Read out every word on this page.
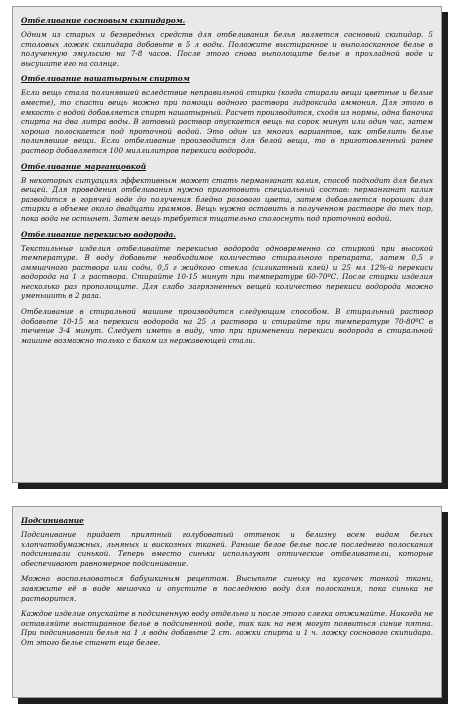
Отбеливание сосновым скипидаром.

Одним из старых и безвредных средств для отбеливания белья является сосновый скипидар. 5 столовых ложек скипидара добавьте в 5 л воды. Положите выстиранное и выполосканное белье в полученную эмульсию на 7-8 часов. После этого снова выполощите белье в прохладной воде и высушите его на солнце.

Отбеливание нашатырным спиртом

Если вещь стала полинявшей вследствие неправильной стирки (когда стирали вещи цветные и белые вместе), то спасти вещь можно при помощи водного раствора гидроксида аммония. Для этого в емкость с водой добавляется спирт нашатырный. Расчет производится, сходя из нормы, одна баночка спирта на два литра воды. В готовый раствор опускается вещь на сорок минут или один час, затем хорошо полоскается под проточной водой. Это один из многих вариантов, как отбелить белье полинявшие вещи. Если отбеливание производится для белой вещи, то в приготовленный ранее раствор добавляется 100 миллилитров перекиси водорода.

Отбеливание марганцовкой

В некоторых ситуациях эффективным может стать перманганат калия, способ подходит для белых вещей. Для проведения отбеливания нужно приготовить специальный состав: перманганат калия разводится в горячей воде до получения бледно розового цвета, затем добавляется порошок для стирки в объеме около двадцати граммов. Вещь нужно оставить в полученном растворе до тех пор, пока вода не остынет. Затем вещь требуется тщательно сполоснуть под проточной водой.

Отбеливание перекисью водорода.

Текстильные изделия отбеливайте перекисью водорода одновременно со стиркой при высокой температуре. В воду добавьте необходимое количество стирального препарата, затем 0,5 г аммиачного раствора или соды, 0,5 г жидкого стекла (силикатный клей) и 25 мл 12%-й перекиси водорода на 1 л раствора. Стирайте 10-15 минут при температуре 60-70ºС. После стирки изделия несколько раз прополощите. Для слабо загрязненных вещей количество перекиси водорода можно уменьшить в 2 раза.

Отбеливание в стиральной машине производится следующим способом. В стиральный раствор добавьте 10-15 мл перекиси водорода на 25 л раствора и стирайте при температуре 70-80ºС в течение 3-4 минут. Следует иметь в виду, что при применении перекиси водорода в стиральной машине возможно только с баком из нержавеющей стали.

Подсинивание

Подсинивание придает приятный голубоватый оттенок и белизну всем видам белых хлопчатобумажных, льняных и вискозных тканей. Раньше белое белье после последнего полоскания подсинивали синькой. Теперь вместо синьки используют оптические отбеливатели, которые обеспечивают равномерное подсинивание.

Можно воспользоваться бабушкиным рецептом. Высыпьте синьку на кусочек тонкой ткани, завяжите её в виде мешочка и опустите в последнюю воду для полоскания, пока синька не растворится.

Каждое изделие опускайте в подсиненную воду отдельно и после этого слегка отжимайте. Никогда не оставляйте выстиранное белье в подсиненной воде, так как на нем могут появиться синие пятна. При подсинивании белья на 1 л воды добавьте 2 ст. ложки спирта и 1 ч. ложку соснового скипидара. От этого белье станет еще белее.
